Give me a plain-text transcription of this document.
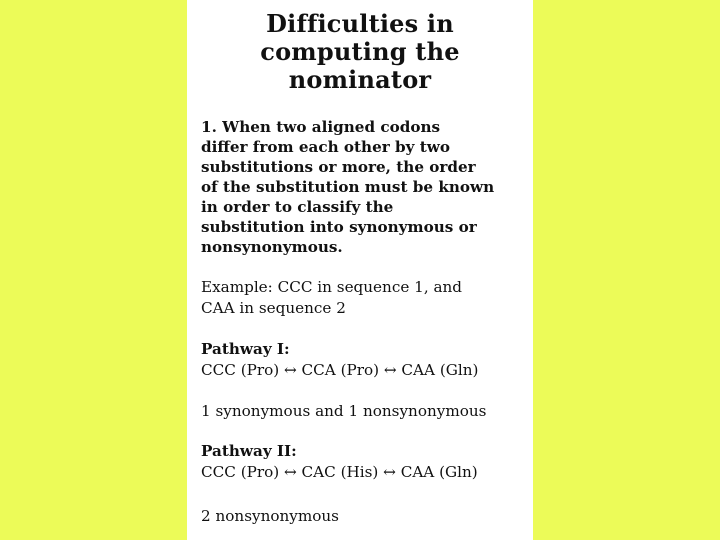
Difficulties in
computing the
nominator
1. When two aligned codons
differ from each other by two
substitutions or more, the order
of the substitution must be known
in order to classify the
substitution into synonymous or
nonsynonymous.
Example: CCC in sequence 1, and
CAA in sequence 2
Pathway I:
CCC (Pro) ↔ CCA (Pro) ↔ CAA (Gln)
1 synonymous and 1 nonsynonymous
Pathway II:
CCC (Pro) ↔ CAC (His) ↔ CAA (Gln)
2 nonsynonymous
